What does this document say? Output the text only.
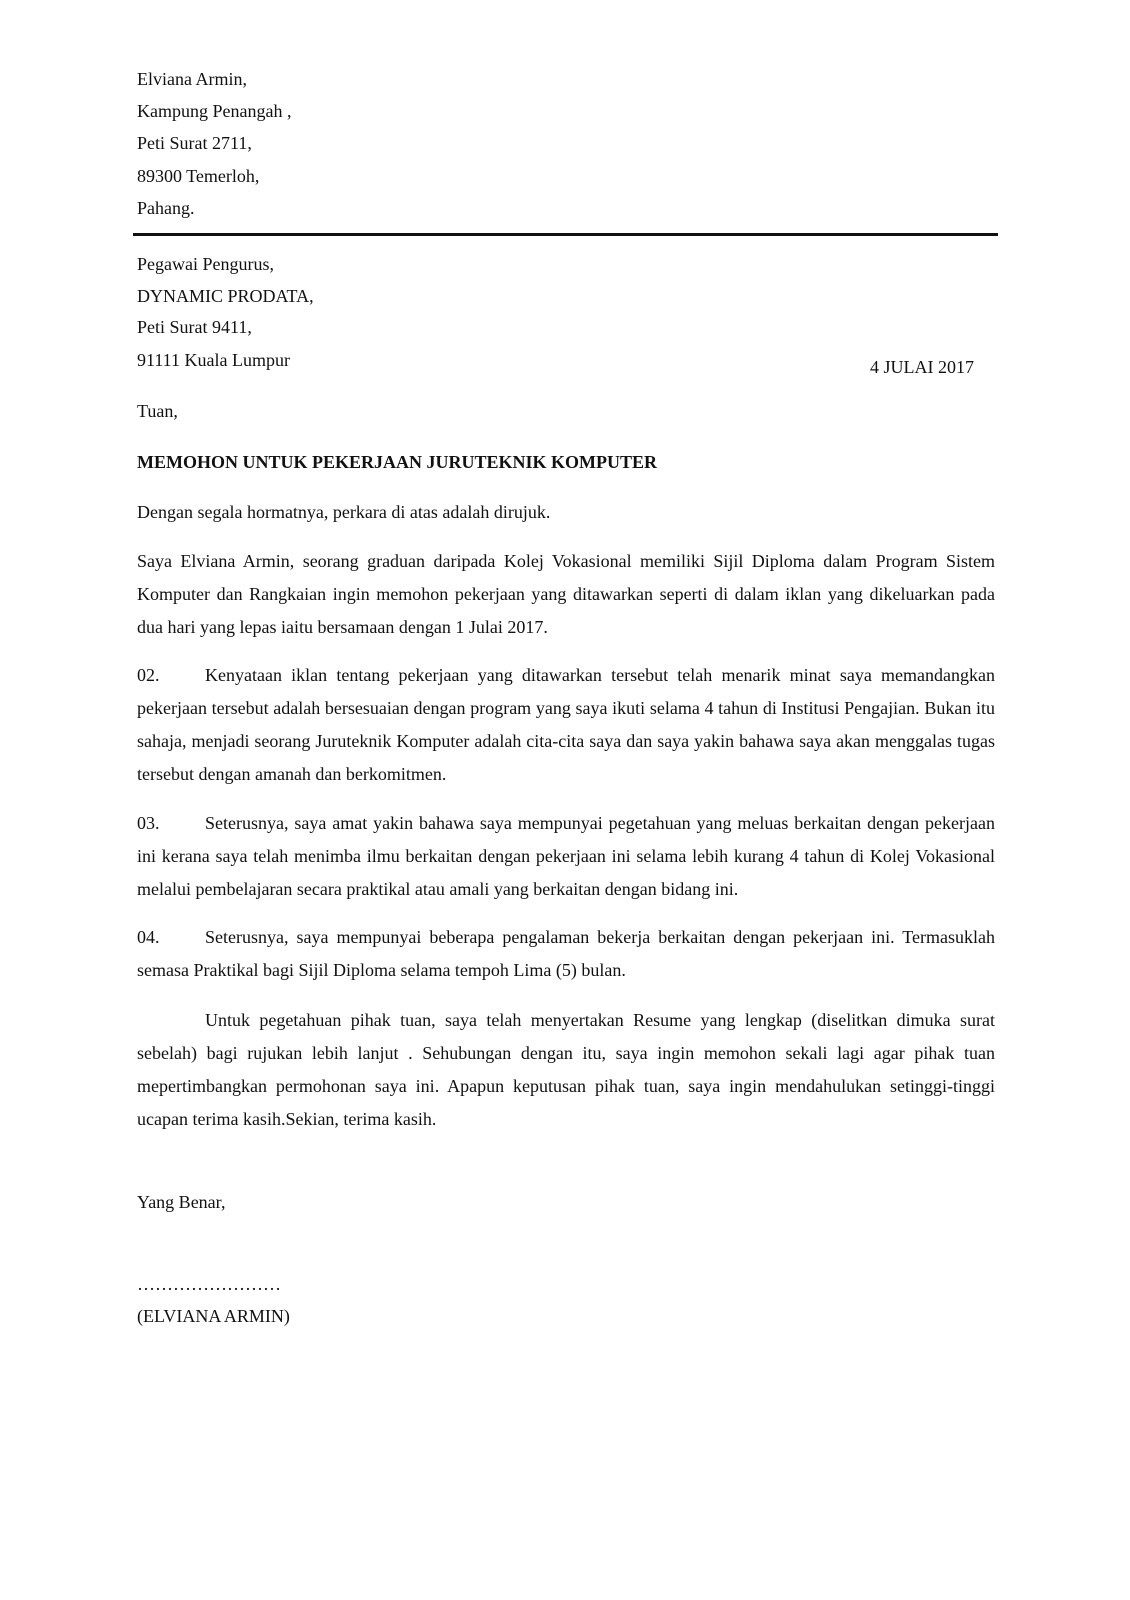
Elviana Armin,
Kampung Penangah ,
Peti Surat 2711,
89300 Temerloh,
Pahang.
Pegawai Pengurus,
DYNAMIC PRODATA,
Peti Surat 9411,
91111 Kuala Lumpur	4 JULAI 2017
Tuan,
MEMOHON UNTUK PEKERJAAN JURUTEKNIK KOMPUTER
Dengan segala hormatnya, perkara di atas adalah dirujuk.

Saya Elviana Armin, seorang graduan daripada Kolej Vokasional memiliki Sijil Diploma dalam Program Sistem Komputer dan Rangkaian ingin memohon pekerjaan yang ditawarkan seperti di dalam iklan yang dikeluarkan pada dua hari yang lepas iaitu bersamaan dengan 1 Julai 2017.

02.	Kenyataan iklan tentang pekerjaan yang ditawarkan tersebut telah menarik minat saya memandangkan pekerjaan tersebut adalah bersesuaian dengan program yang saya ikuti selama 4 tahun di Institusi Pengajian. Bukan itu sahaja, menjadi seorang Juruteknik Komputer adalah cita-cita saya dan saya yakin bahawa saya akan menggalas tugas tersebut dengan amanah dan berkomitmen.

03.	Seterusnya, saya amat yakin bahawa saya mempunyai pegetahuan yang meluas berkaitan dengan pekerjaan ini kerana saya telah menimba ilmu berkaitan dengan pekerjaan ini selama lebih kurang 4 tahun di Kolej Vokasional melalui pembelajaran secara praktikal atau amali yang berkaitan dengan bidang ini.

04.	Seterusnya, saya mempunyai beberapa pengalaman bekerja berkaitan dengan pekerjaan ini. Termasuklah semasa Praktikal bagi Sijil Diploma selama tempoh Lima (5) bulan.

Untuk pegetahuan pihak tuan, saya telah menyertakan Resume yang lengkap (diselitkan dimuka surat sebelah) bagi rujukan lebih lanjut . Sehubungan dengan itu, saya ingin memohon sekali lagi agar pihak tuan mepertimbangkan permohonan saya ini. Apapun keputusan pihak tuan, saya ingin mendahulukan setinggi-tinggi ucapan terima kasih.Sekian, terima kasih.

Yang Benar,
……………………
(ELVIANA ARMIN)
